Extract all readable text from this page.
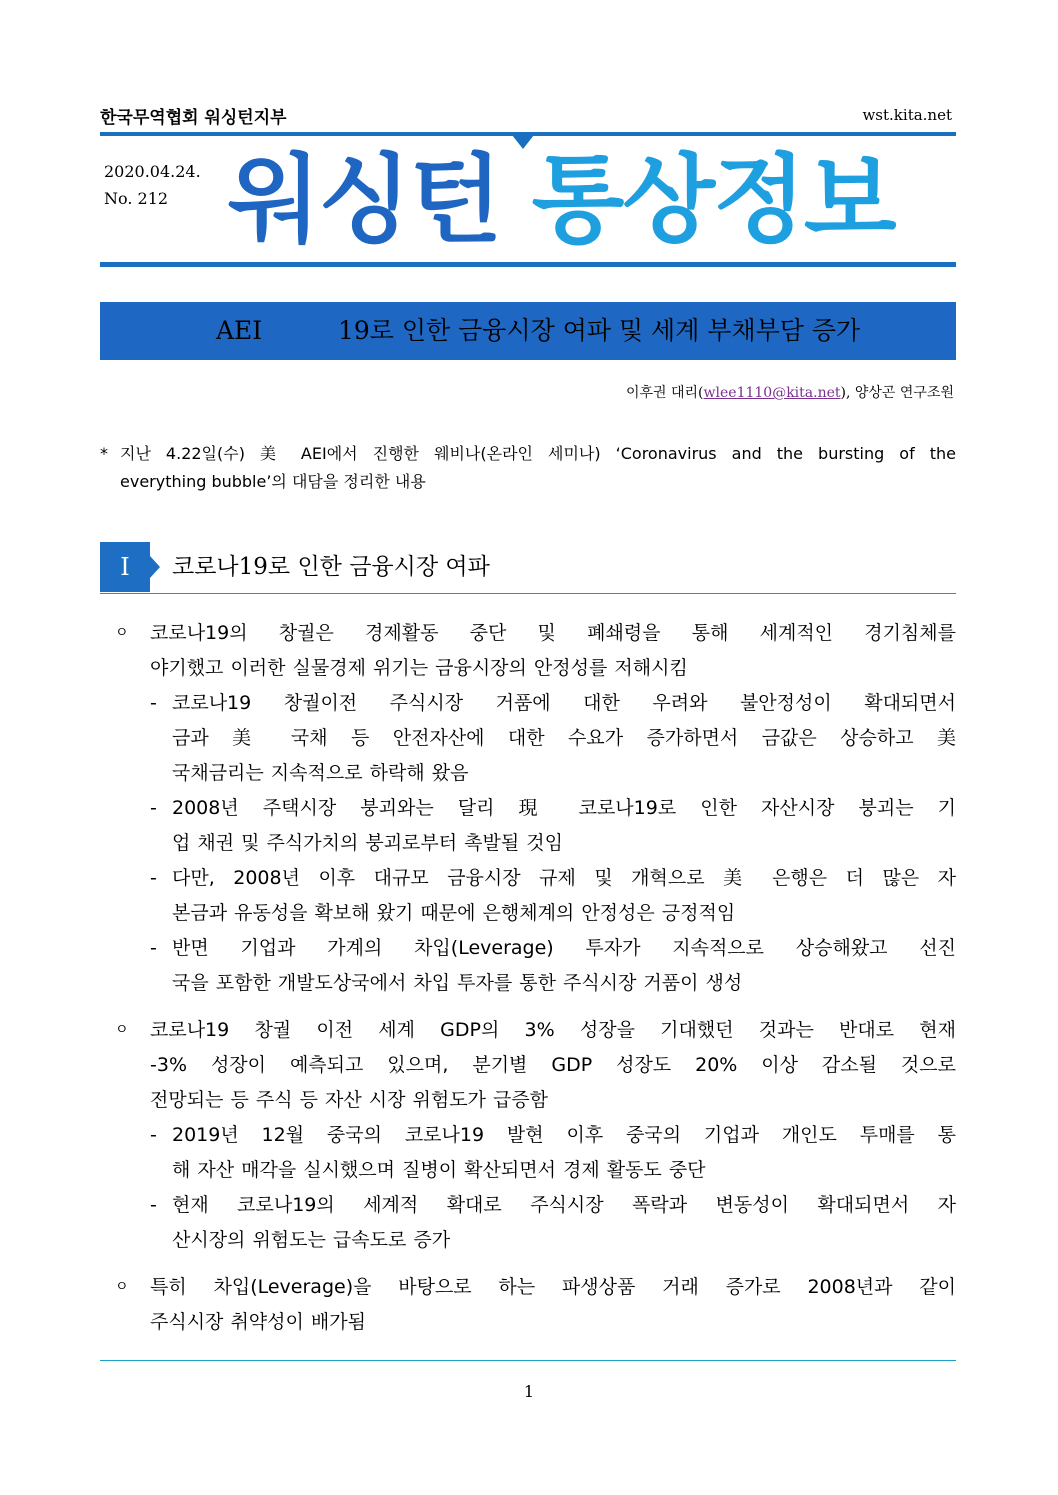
한국무역협회 워싱턴지부	wst.kita.net
2020.04.24.
No. 212 워싱턴 통상정보
AEI	19로 인한 금융시장 여파 및 세계 부채부담 증가
이후권 대리(wlee1110@kita.net), 양상곤 연구조원
* 지난 4.22일(수) 美 AEI에서 진행한 웨비나(온라인 세미나) ‘Coronavirus and the bursting of the
everything bubble’의 대담을 정리한 내용
I	코로나19로 인한 금융시장 여파
ㅇ 코로나19의 창궐은 경제활동 중단 및 폐쇄령을 통해 세계적인 경기침체를
야기했고 이러한 실물경제 위기는 금융시장의 안정성를 저해시킴
- 코로나19 창궐이전 주식시장 거품에 대한 우려와 불안정성이 확대되면서
금과 美 국채 등 안전자산에 대한 수요가 증가하면서 금값은 상승하고 美
국채금리는 지속적으로 하락해 왔음
- 2008년 주택시장 붕괴와는 달리 現 코로나19로 인한 자산시장 붕괴는 기
업 채권 및 주식가치의 붕괴로부터 촉발될 것임
- 다만, 2008년 이후 대규모 금융시장 규제 및 개혁으로 美 은행은 더 많은 자
본금과 유동성을 확보해 왔기 때문에 은행체계의 안정성은 긍정적임
- 반면 기업과 가계의 차입(Leverage) 투자가 지속적으로 상승해왔고 선진
국을 포함한 개발도상국에서 차입 투자를 통한 주식시장 거품이 생성
ㅇ 코로나19 창궐 이전 세계 GDP의 3% 성장을 기대했던 것과는 반대로 현재
-3% 성장이 예측되고 있으며, 분기별 GDP 성장도 20% 이상 감소될 것으로
전망되는 등 주식 등 자산 시장 위험도가 급증함
- 2019년 12월 중국의 코로나19 발현 이후 중국의 기업과 개인도 투매를 통
해 자산 매각을 실시했으며 질병이 확산되면서 경제 활동도 중단
- 현재 코로나19의 세계적 확대로 주식시장 폭락과 변동성이 확대되면서 자
산시장의 위험도는 급속도로 증가
ㅇ 특히 차입(Leverage)을 바탕으로 하는 파생상품 거래 증가로 2008년과 같이
주식시장 취약성이 배가됨
1
